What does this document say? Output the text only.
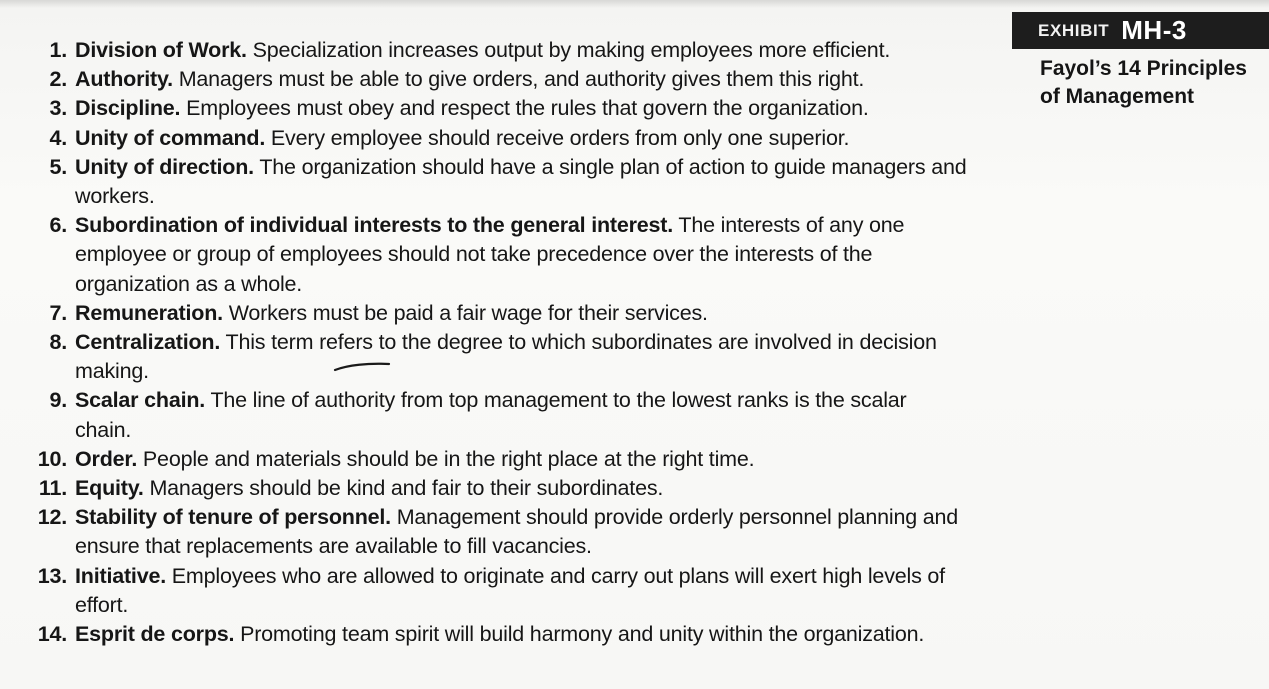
1. Division of Work. Specialization increases output by making employees more efficient.
2. Authority. Managers must be able to give orders, and authority gives them this right.
3. Discipline. Employees must obey and respect the rules that govern the organization.
4. Unity of command. Every employee should receive orders from only one superior.
5. Unity of direction. The organization should have a single plan of action to guide managers and workers.
6. Subordination of individual interests to the general interest. The interests of any one employee or group of employees should not take precedence over the interests of the organization as a whole.
7. Remuneration. Workers must be paid a fair wage for their services.
8. Centralization. This term refers to the degree to which subordinates are involved in decision making.
9. Scalar chain. The line of authority from top management to the lowest ranks is the scalar chain.
10. Order. People and materials should be in the right place at the right time.
11. Equity. Managers should be kind and fair to their subordinates.
12. Stability of tenure of personnel. Management should provide orderly personnel planning and ensure that replacements are available to fill vacancies.
13. Initiative. Employees who are allowed to originate and carry out plans will exert high levels of effort.
14. Esprit de corps. Promoting team spirit will build harmony and unity within the organization.
EXHIBIT MH-3
Fayol’s 14 Principles of Management
